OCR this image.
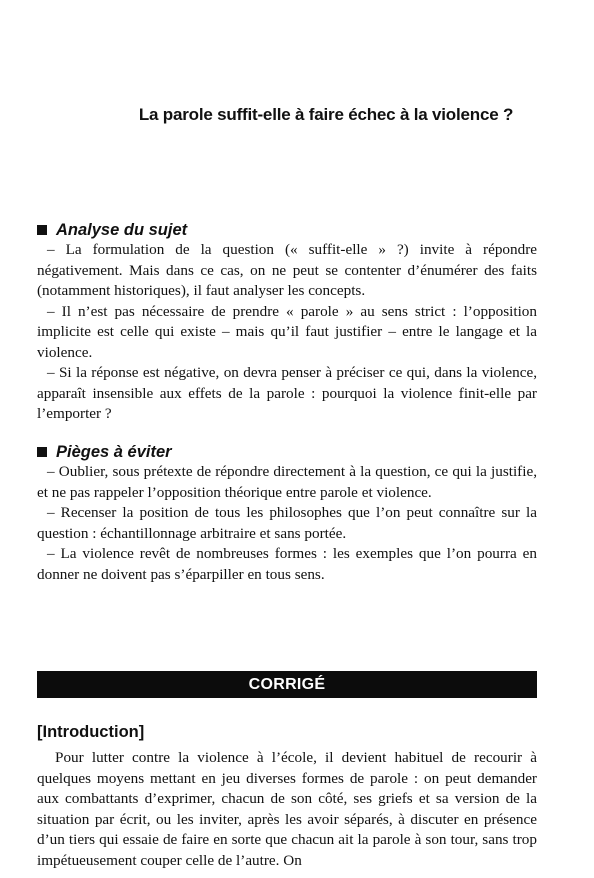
La parole suffit-elle à faire échec à la violence ?
Analyse du sujet

– La formulation de la question (« suffit-elle » ?) invite à répondre négativement. Mais dans ce cas, on ne peut se contenter d’énumérer des faits (notamment historiques), il faut analyser les concepts.

– Il n’est pas nécessaire de prendre « parole » au sens strict : l’opposition implicite est celle qui existe – mais qu’il faut justifier – entre le langage et la violence.

– Si la réponse est négative, on devra penser à préciser ce qui, dans la violence, apparaît insensible aux effets de la parole : pourquoi la violence finit-elle par l’emporter ?

Pièges à éviter

– Oublier, sous prétexte de répondre directement à la question, ce qui la justifie, et ne pas rappeler l’opposition théorique entre parole et violence.

– Recenser la position de tous les philosophes que l’on peut connaître sur la question : échantillonnage arbitraire et sans portée.

– La violence revêt de nombreuses formes : les exemples que l’on pourra en donner ne doivent pas s’éparpiller en tous sens.

CORRIGÉ
[Introduction]

Pour lutter contre la violence à l’école, il devient habituel de recourir à quelques moyens mettant en jeu diverses formes de parole : on peut demander aux combattants d’exprimer, chacun de son côté, ses griefs et sa version de la situation par écrit, ou les inviter, après les avoir séparés, à discuter en présence d’un tiers qui essaie de faire en sorte que chacun ait la parole à son tour, sans trop impétueusement couper celle de l’autre. On
